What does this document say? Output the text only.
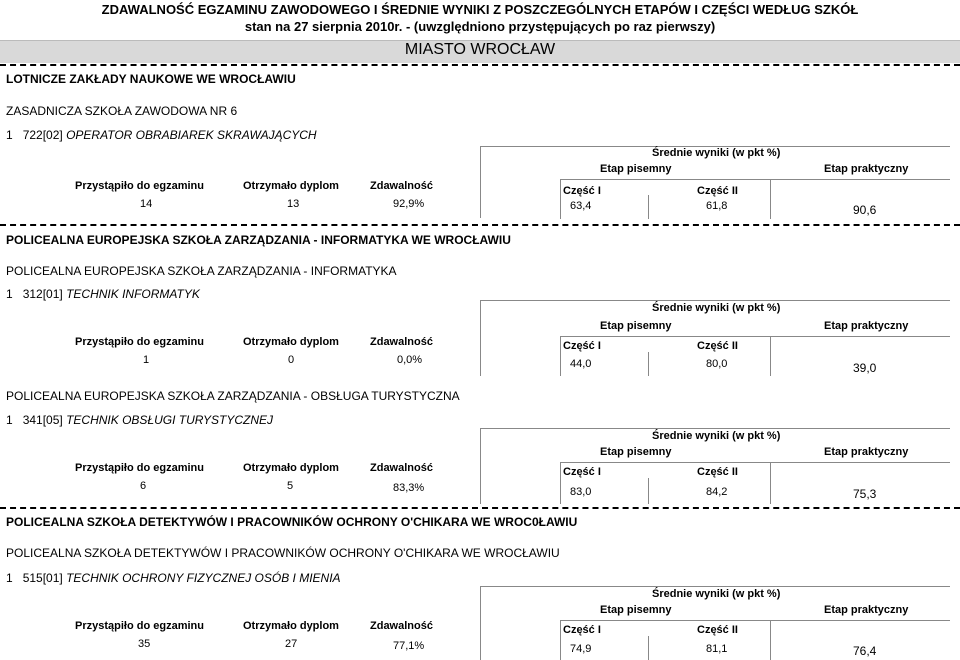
ZDAWALNOŚĆ EGZAMINU ZAWODOWEGO I ŚREDNIE WYNIKI Z POSZCZEGÓLNYCH ETAPÓW I CZĘŚCI WEDŁUG SZKÓŁ
stan na 27 sierpnia 2010r. - (uwzględniono przystępujących po raz pierwszy)
MIASTO WROCŁAW
LOTNICZE ZAKŁADY NAUKOWE WE WROCŁAWIU
ZASADNICZA SZKOŁA ZAWODOWA NR 6
1 722[02] OPERATOR OBRABIAREK SKRAWAJĄCYCH
Średnie wyniki (w pkt %)
Etap pisemny	Etap praktyczny
Przystąpiło do egzaminu	Otrzymało dyplom	Zdawalność	Część I	Część II
14	13	92,9%	63,4	61,8	90,6
POLICEALNA EUROPEJSKA SZKOŁA ZARZĄDZANIA - INFORMATYKA WE WROCŁAWIU
POLICEALNA EUROPEJSKA SZKOŁA ZARZĄDZANIA - INFORMATYKA
1 312[01] TECHNIK INFORMATYK
Średnie wyniki (w pkt %)
Etap pisemny	Etap praktyczny
Przystąpiło do egzaminu	Otrzymało dyplom	Zdawalność	Część I	Część II
1	0	0,0%	44,0	80,0	39,0
POLICEALNA EUROPEJSKA SZKOŁA ZARZĄDZANIA - OBSŁUGA TURYSTYCZNA
1 341[05] TECHNIK OBSŁUGI TURYSTYCZNEJ
Średnie wyniki (w pkt %)
Etap pisemny	Etap praktyczny
Przystąpiło do egzaminu	Otrzymało dyplom	Zdawalność	Część I	Część II
6	5	83,3%	83,0	84,2	75,3
POLICEALNA SZKOŁA DETEKTYWÓW I PRACOWNIKÓW OCHRONY O'CHIKARA WE WROC0ŁAWIU
POLICEALNA SZKOŁA DETEKTYWÓW I PRACOWNIKÓW OCHRONY O'CHIKARA WE WROCŁAWIU
1 515[01] TECHNIK OCHRONY FIZYCZNEJ OSÓB I MIENIA
Średnie wyniki (w pkt %)
Etap pisemny	Etap praktyczny
Przystąpiło do egzaminu	Otrzymało dyplom	Zdawalność	Część I	Część II
35	27	77,1%	74,9	81,1	76,4
